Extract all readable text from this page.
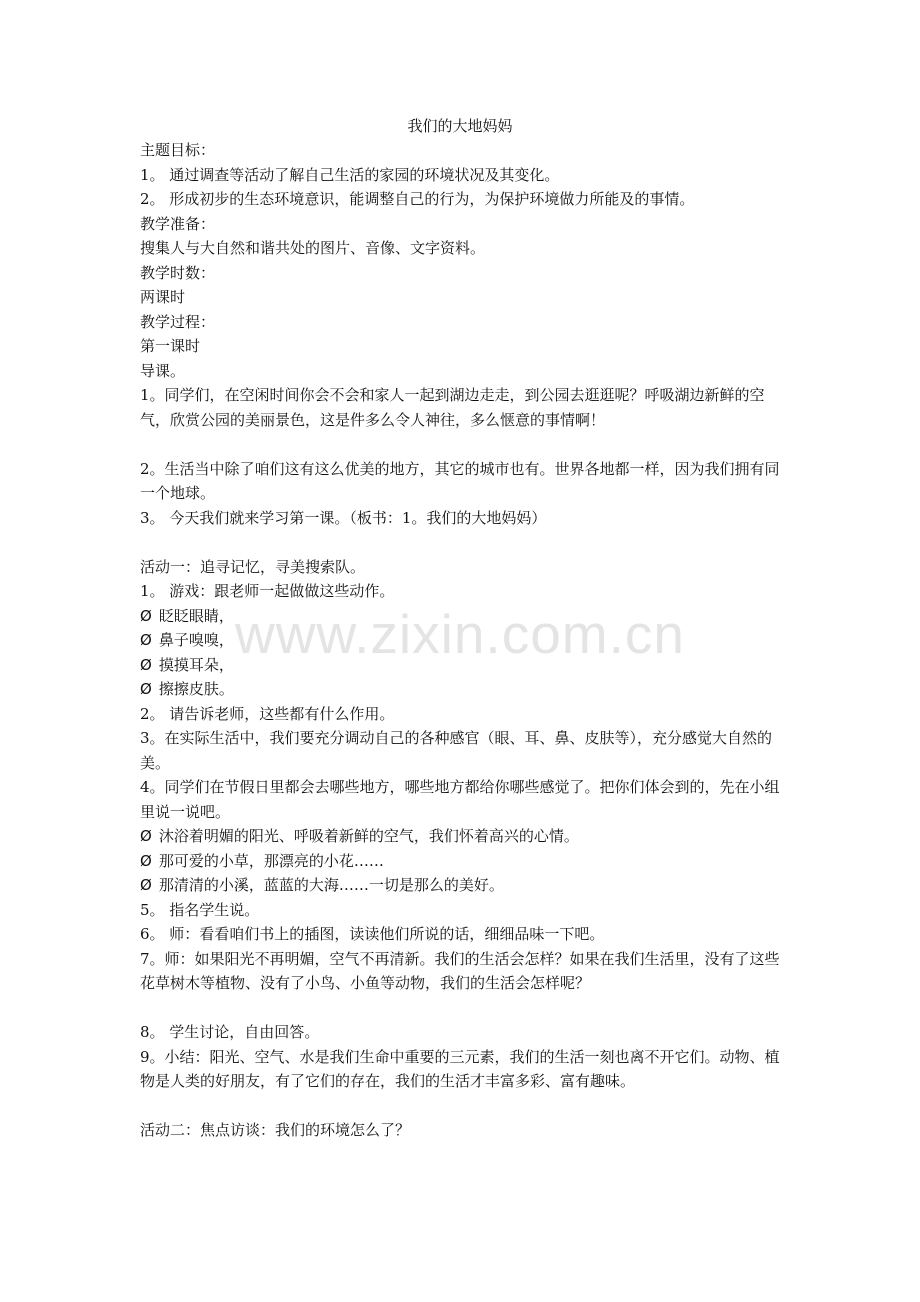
www.zixin.com.cn
我们的大地妈妈
主题目标：
1。 通过调查等活动了解自己生活的家园的环境状况及其变化。
2。 形成初步的生态环境意识，能调整自己的行为，为保护环境做力所能及的事情。
教学准备：
搜集人与大自然和谐共处的图片、音像、文字资料。
教学时数：
两课时
教学过程：
第一课时
导课。
1。同学们，在空闲时间你会不会和家人一起到湖边走走，到公园去逛逛呢？呼吸湖边新鲜的空气，欣赏公园的美丽景色，这是件多么令人神往，多么惬意的事情啊！
2。生活当中除了咱们这有这么优美的地方，其它的城市也有。世界各地都一样，因为我们拥有同一个地球。
3。 今天我们就来学习第一课。（板书：1。我们的大地妈妈）
活动一：追寻记忆，寻美搜索队。
1。 游戏：跟老师一起做做这些动作。
Ø 眨眨眼睛，
Ø 鼻子嗅嗅，
Ø 摸摸耳朵，
Ø 擦擦皮肤。
2。 请告诉老师，这些都有什么作用。
3。在实际生活中，我们要充分调动自己的各种感官（眼、耳、鼻、皮肤等），充分感觉大自然的美。
4。同学们在节假日里都会去哪些地方，哪些地方都给你哪些感觉了。把你们体会到的，先在小组里说一说吧。
Ø 沐浴着明媚的阳光、呼吸着新鲜的空气，我们怀着高兴的心情。
Ø 那可爱的小草，那漂亮的小花……
Ø 那清清的小溪，蓝蓝的大海……一切是那么的美好。
5。 指名学生说。
6。 师：看看咱们书上的插图，读读他们所说的话，细细品味一下吧。
7。师：如果阳光不再明媚，空气不再清新。我们的生活会怎样？如果在我们生活里，没有了这些花草树木等植物、没有了小鸟、小鱼等动物，我们的生活会怎样呢？
8。 学生讨论，自由回答。
9。小结：阳光、空气、水是我们生命中重要的三元素，我们的生活一刻也离不开它们。动物、植物是人类的好朋友，有了它们的存在，我们的生活才丰富多彩、富有趣味。
活动二：焦点访谈：我们的环境怎么了？
